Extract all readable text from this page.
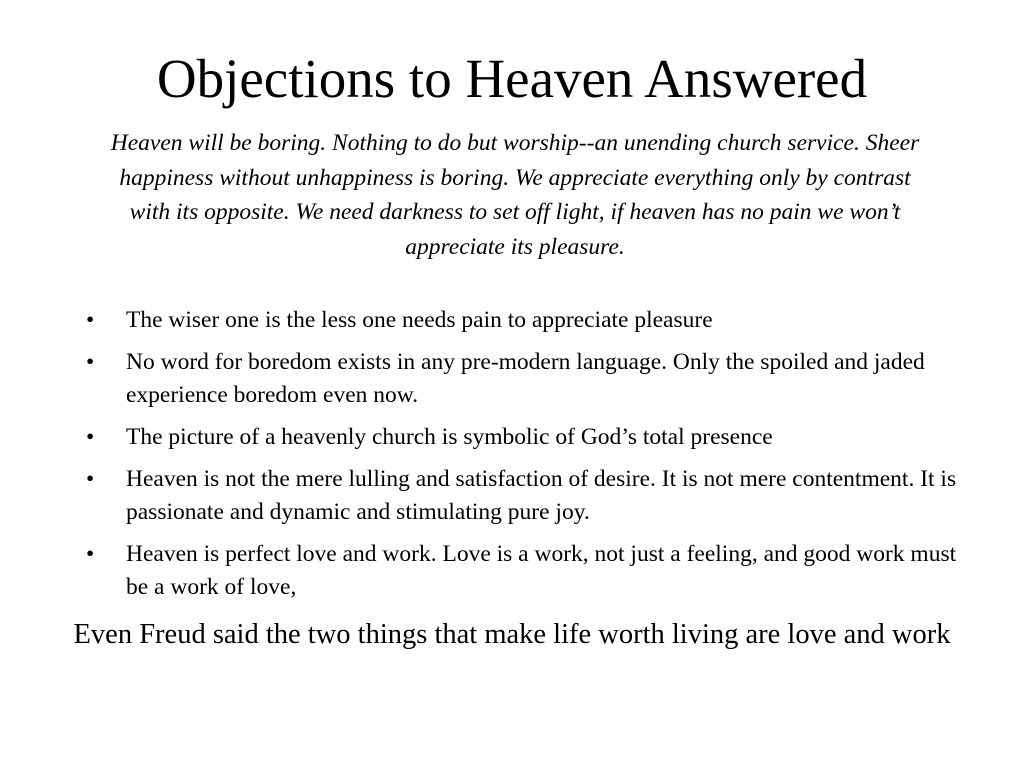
Objections to Heaven Answered

Heaven will be boring. Nothing to do but worship--an unending church service. Sheer happiness without unhappiness is boring. We appreciate everything only by contrast with its opposite. We need darkness to set off light, if heaven has no pain we won’t appreciate its pleasure.

•	The wiser one is the less one needs pain to appreciate pleasure
•	No word for boredom exists in any pre-modern language. Only the spoiled and jaded experience boredom even now.
•	The picture of a heavenly church is symbolic of God’s total presence
•	Heaven is not the mere lulling and satisfaction of desire. It is not mere contentment. It is passionate and dynamic and stimulating pure joy.
•	Heaven is perfect love and work. Love is a work, not just a feeling, and good work must be a work of love,

Even Freud said the two things that make life worth living are love and work
